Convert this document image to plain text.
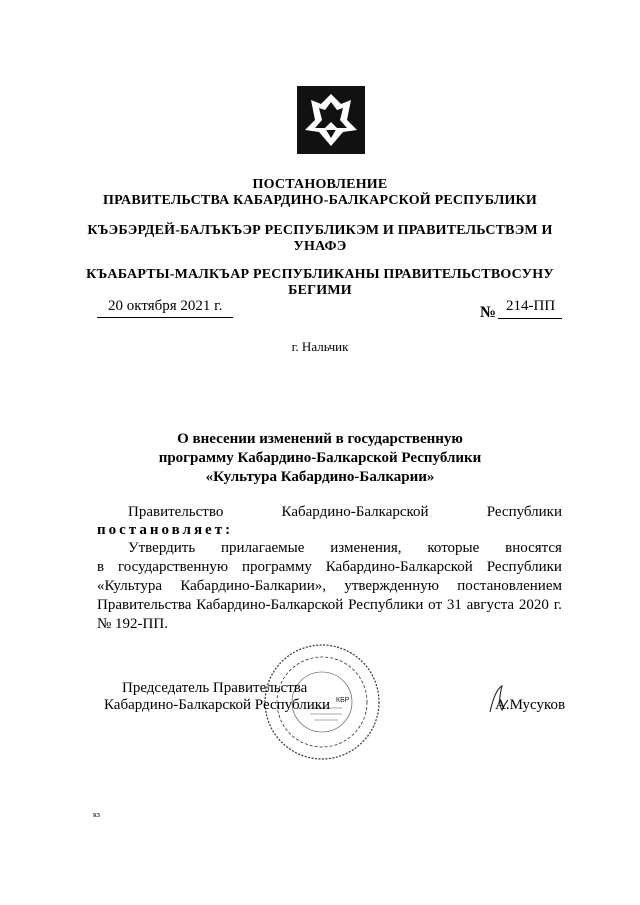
ПОСТАНОВЛЕНИЕ
ПРАВИТЕЛЬСТВА КАБАРДИНО-БАЛКАРСКОЙ РЕСПУБЛИКИ
КЪЭБЭРДЕЙ-БАЛЪКЪЭР РЕСПУБЛИКЭМ И ПРАВИТЕЛЬСТВЭМ И
УНАФЭ
КЪАБАРТЫ-МАЛКЪАР РЕСПУБЛИКАНЫ ПРАВИТЕЛЬСТВОСУНУ
БЕГИМИ
20 октября 2021 г.	№ 214-ПП
г. Нальчик
О внесении изменений в государственную
программу Кабардино-Балкарской Республики
«Культура Кабардино-Балкарии»
Правительство	Кабардино-Балкарской	Республики
постановляет:
Утвердить прилагаемые изменения, которые вносятся
в государственную программу Кабардино-Балкарской Республики
«Культура Кабардино-Балкарии», утвержденную постановлением
Правительства Кабардино-Балкарской Республики от 31 августа 2020 г.
№ 192-ПП.
КБР
Председатель Правительства
Кабардино-Балкарской Республики	А.Мусуков
кз
